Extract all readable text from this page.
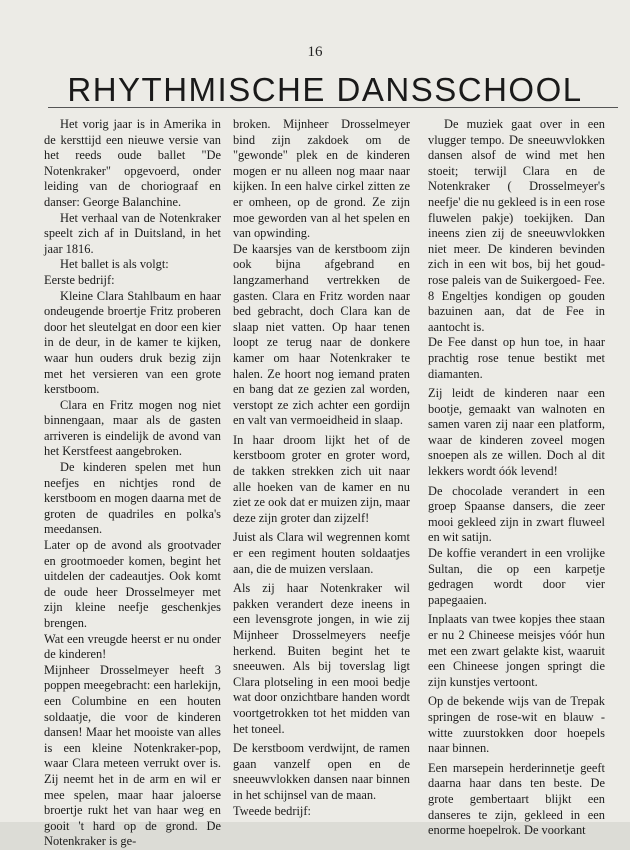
16
RHYTHMISCHE DANSSCHOOL

Het vorig jaar is in Amerika in de kersttijd een nieuwe versie van het reeds oude ballet "De Notenkraker" opgevoerd, onder leiding van de choriograaf en danser: George Balanchine.

Het verhaal van de Notenkraker speelt zich af in Duitsland, in het jaar 1816.

Het ballet is als volgt:

Eerste bedrijf:

Kleine Clara Stahlbaum en haar ondeugende broertje Fritz proberen door het sleutelgat en door een kier in de deur, in de kamer te kijken, waar hun ouders druk bezig zijn met het versieren van een grote kerstboom.

Clara en Fritz mogen nog niet binnengaan, maar als de gasten arriveren is eindelijk de avond van het Kerstfeest aangebroken.

De kinderen spelen met hun neefjes en nichtjes rond de kerstboom en mogen daarna met de groten de quadriles en polka's meedansen.

Later op de avond als grootvader en grootmoeder komen, begint het uitdelen der cadeautjes. Ook komt de oude heer Drosselmeyer met zijn kleine neefje geschenkjes brengen.

Wat een vreugde heerst er nu onder de kinderen!

Mijnheer Drosselmeyer heeft 3 poppen meegebracht: een harlekijn, een Columbine en een houten soldaatje, die voor de kinderen dansen! Maar het mooiste van alles is een kleine Notenkraker-pop, waar Clara meteen verrukt over is. Zij neemt het in de arm en wil er mee spelen, maar haar jaloerse broertje rukt het van haar weg en gooit 't hard op de grond. De Notenkraker is ge-

broken. Mijnheer Drosselmeyer bind zijn zakdoek om de "gewonde" plek en de kinderen mogen er nu alleen nog maar naar kijken. In een halve cirkel zitten ze er omheen, op de grond. Ze zijn moe geworden van al het spelen en van opwinding.

De kaarsjes van de kerstboom zijn ook bijna afgebrand en langzamerhand vertrekken de gasten. Clara en Fritz worden naar bed gebracht, doch Clara kan de slaap niet vatten. Op haar tenen loopt ze terug naar de donkere kamer om haar Notenkraker te halen. Ze hoort nog iemand praten en bang dat ze gezien zal worden, verstopt ze zich achter een gordijn en valt van vermoeidheid in slaap.

In haar droom lijkt het of de kerstboom groter en groter word, de takken strekken zich uit naar alle hoeken van de kamer en nu ziet ze ook dat er muizen zijn, maar deze zijn groter dan zijzelf!

Juist als Clara wil wegrennen komt er een regiment houten soldaatjes aan, die de muizen verslaan.

Als zij haar Notenkraker wil pakken verandert deze ineens in een levensgrote jongen, in wie zij Mijnheer Drosselmeyers neefje herkend. Buiten begint het te sneeuwen. Als bij toverslag ligt Clara plotseling in een mooi bedje wat door onzichtbare handen wordt voortgetrokken tot het midden van het toneel.

De kerstboom verdwijnt, de ramen gaan vanzelf open en de sneeuwvlokken dansen naar binnen in het schijnsel van de maan.

Tweede bedrijf:

De muziek gaat over in een vlugger tempo. De sneeuwvlokken dansen alsof de wind met hen stoeit; terwijl Clara en de Notenkraker ( Drosselmeyer's neefje' die nu gekleed is in een rose fluwelen pakje) toekijken. Dan ineens zien zij de sneeuwvlokken niet meer. De kinderen bevinden zich in een wit bos, bij het goud- rose paleis van de Suikergoed- Fee. 8 Engeltjes kondigen op gouden bazuinen aan, dat de Fee in aantocht is.

De Fee danst op hun toe, in haar prachtig rose tenue bestikt met diamanten.

Zij leidt de kinderen naar een bootje, gemaakt van walnoten en samen varen zij naar een platform, waar de kinderen zoveel mogen snoepen als ze willen. Doch al dit lekkers wordt óók levend!

De chocolade verandert in een groep Spaanse dansers, die zeer mooi gekleed zijn in zwart fluweel en wit satijn.

De koffie verandert in een vrolijke Sultan, die op een karpetje gedragen wordt door vier papegaaien.

Inplaats van twee kopjes thee staan er nu 2 Chineese meisjes vóór hun met een zwart gelakte kist, waaruit een Chineese jongen springt die zijn kunstjes vertoont.

Op de bekende wijs van de Trepak springen de rose-wit en blauw - witte zuurstokken door hoepels naar binnen.

Een marsepein herderinnetje geeft daarna haar dans ten beste. De grote gembertaart blijkt een danseres te zijn, gekleed in een enorme hoepelrok. De voorkant
